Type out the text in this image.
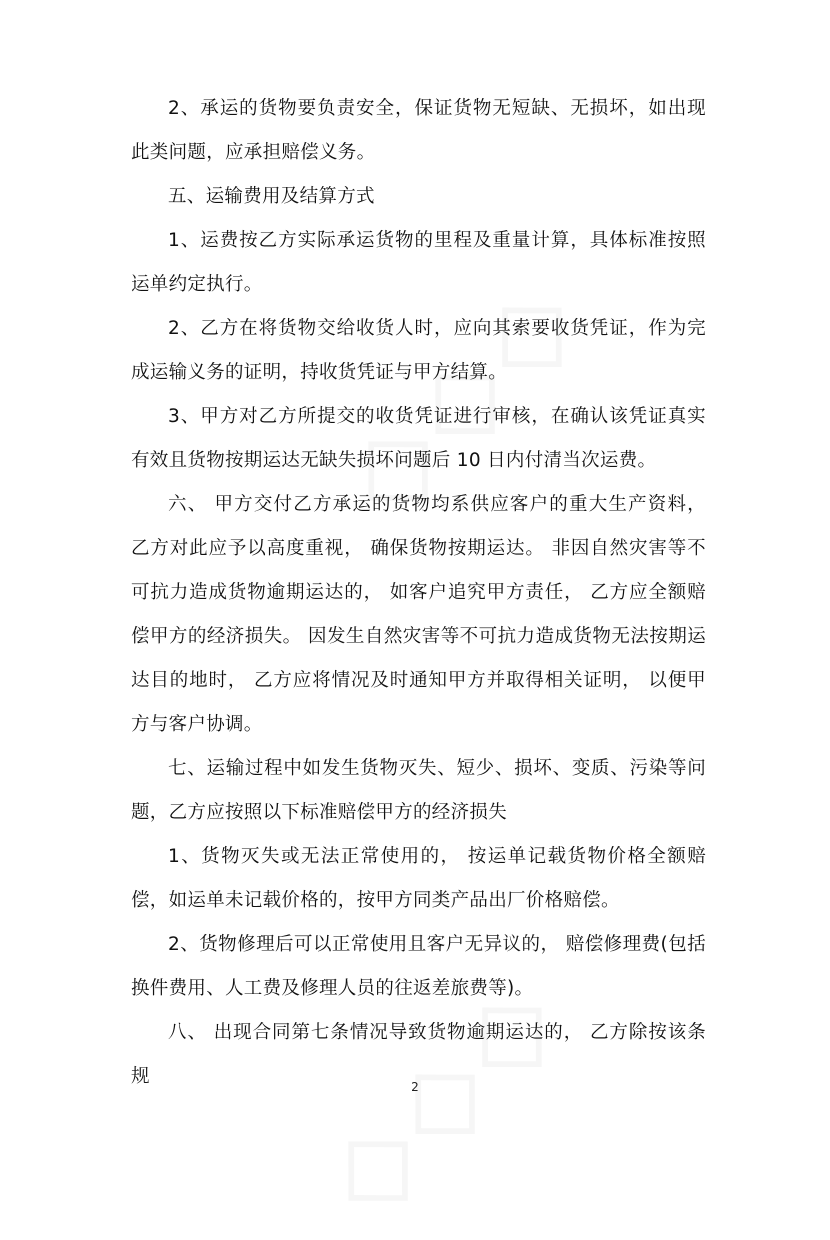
2、承运的货物要负责安全，保证货物无短缺、无损坏，如出现此类问题，应承担赔偿义务。

五、运输费用及结算方式

1、运费按乙方实际承运货物的里程及重量计算，具体标准按照运单约定执行。

2、乙方在将货物交给收货人时，应向其索要收货凭证，作为完成运输义务的证明，持收货凭证与甲方结算。

3、甲方对乙方所提交的收货凭证进行审核，在确认该凭证真实有效且货物按期运达无缺失损坏问题后 10 日内付清当次运费。

六、 甲方交付乙方承运的货物均系供应客户的重大生产资料， 乙方对此应予以高度重视， 确保货物按期运达。 非因自然灾害等不可抗力造成货物逾期运达的， 如客户追究甲方责任， 乙方应全额赔偿甲方的经济损失。 因发生自然灾害等不可抗力造成货物无法按期运达目的地时， 乙方应将情况及时通知甲方并取得相关证明， 以便甲方与客户协调。

七、运输过程中如发生货物灭失、短少、损坏、变质、污染等问题，乙方应按照以下标准赔偿甲方的经济损失

1、货物灭失或无法正常使用的， 按运单记载货物价格全额赔偿，如运单未记载价格的，按甲方同类产品出厂价格赔偿。

2、货物修理后可以正常使用且客户无异议的， 赔偿修理费(包括换件费用、人工费及修理人员的往返差旅费等)。

八、 出现合同第七条情况导致货物逾期运达的， 乙方除按该条规	2
